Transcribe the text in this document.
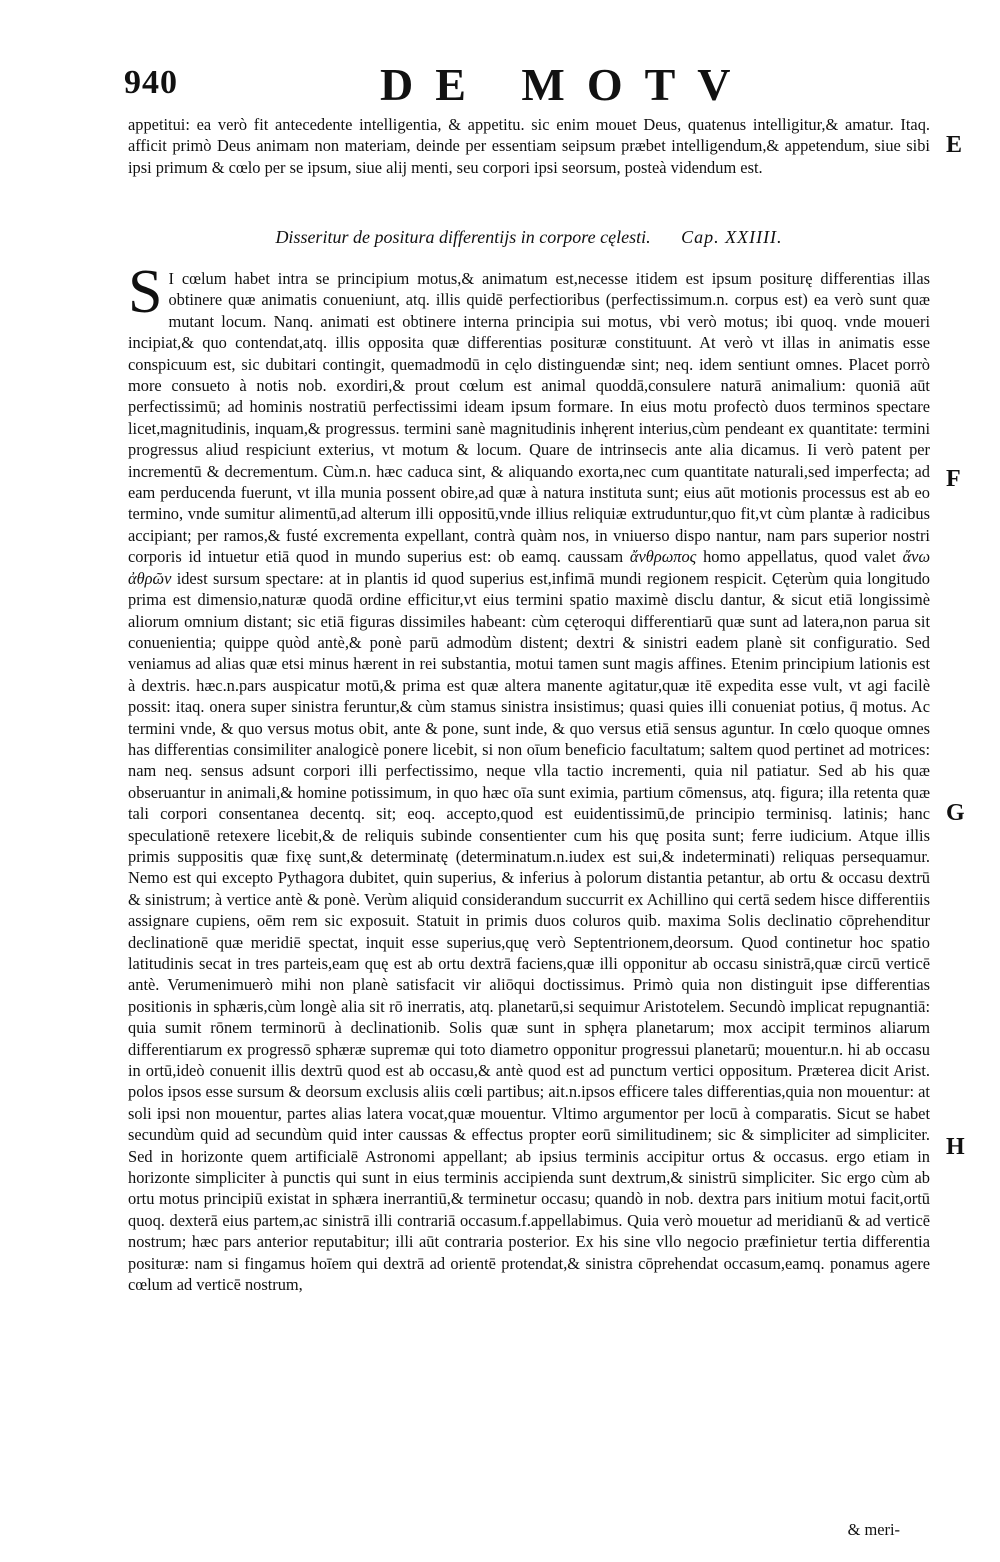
940	DE MOTV
appetitui: ea verò fit antecedente intelligentia, & appetitu. sic enim mouet Deus, quatenus intelligitur,& amatur. Itaq. afficit primò Deus animam non materiam, deinde per essentiam seipsum præbet intelligendum,& appetendum, siue sibi ipsi primum & cœlo per se ipsum, siue alij menti, seu corpori ipsi seorsum, posteà videndum est.
Disseritur de positura differentijs in corpore cęlesti. Cap. XXIIII.
S I cœlum habet intra se principium motus,& animatum est,necesse itidem est ipsum positurę differentias illas obtinere quæ animatis conueniunt, atq. illis quidē perfectioribus (perfectissimum.n. corpus est) ea verò sunt quæ mutant locum. Nanq. animati est obtinere interna principia sui motus, vbi verò motus; ibi quoq. vnde moueri incipiat,& quo contendat,atq. illis opposita quæ differentias posituræ constituunt. At verò vt illas in animatis esse conspicuum est, sic dubitari contingit, quemadmodū in cęlo distinguendæ sint; neq. idem sentiunt omnes. Placet porrò more consueto à notis nob. exordiri,& prout cœlum est animal quoddā,consulere naturā animalium: quoniā aūt perfectissimū; ad hominis nostratiū perfectissimi ideam ipsum formare. In eius motu profectò duos terminos spectare licet,magnitudinis, inquam,& progressus. termini sanè magnitudinis inhęrent interius,cùm pendeant ex quantitate: termini progressus aliud respiciunt exterius, vt motum & locum. Quare de intrinsecis ante alia dicamus. Ii verò patent per incrementū & decrementum. Cùm.n. hæc caduca sint, & aliquando exorta,nec cum quantitate naturali,sed imperfecta; ad eam perducenda fuerunt, vt illa munia possent obire,ad quæ à natura instituta sunt; eius aūt motionis processus est ab eo termino, vnde sumitur alimentū,ad alterum illi oppositū,vnde illius reliquiæ extruduntur,quo fit,vt cùm plantæ à radicibus accipiant; per ramos,& fusté excrementa expellant, contrà quàm nos, in vniuerso dispo nantur, nam pars superior nostri corporis id intuetur etiā quod in mundo superius est: ob eamq. caussam ἄνθρωπος homo appellatus, quod valet ἄνω ἀθρῶν idest sursum spectare: at in plantis id quod superius est,infimā mundi regionem respicit. Cęterùm quia longitudo prima est dimensio,naturæ quodā ordine efficitur,vt eius termini spatio maximè disclu dantur, & sicut etiā longissimè aliorum omnium distant; sic etiā figuras dissimiles habeant: cùm cęteroqui differentiarū quæ sunt ad latera,non parua sit conuenientia; quippe quòd antè,& ponè parū admodùm distent; dextri & sinistri eadem planè sit configuratio. Sed veniamus ad alias quæ etsi minus hærent in rei substantia, motui tamen sunt magis affines. Etenim principium lationis est à dextris. hæc.n.pars auspicatur motū,& prima est quæ altera manente agitatur,quæ itē expedita esse vult, vt agi facilè possit: itaq. onera super sinistra feruntur,& cùm stamus sinistra insistimus; quasi quies illi conueniat potius, q̄ motus. Ac termini vnde, & quo versus motus obit, ante & pone, sunt inde, & quo versus etiā sensus aguntur. In cœlo quoque omnes has differentias consimiliter analogicè ponere licebit, si non oīum beneficio facultatum; saltem quod pertinet ad motrices: nam neq. sensus adsunt corpori illi perfectissimo, neque vlla tactio incrementi, quia nil patiatur. Sed ab his quæ obseruantur in animali,& homine potissimum, in quo hæc oīa sunt eximia, partium cōmensus, atq. figura; illa retenta quæ tali corpori consentanea decentq. sit; eoq. accepto,quod est euidentissimū,de principio terminisq. latinis; hanc speculationē retexere licebit,& de reliquis subinde consentienter cum his quę posita sunt; ferre iudicium. Atque illis primis suppositis quæ fixę sunt,& determinatę (determinatum.n.iudex est sui,& indeterminati) reliquas persequamur. Nemo est qui excepto Pythagora dubitet, quin superius, & inferius à polorum distantia petantur, ab ortu & occasu dextrū & sinistrum; à vertice antè & ponè. Verùm aliquid considerandum succurrit ex Achillino qui certā sedem hisce differentiis assignare cupiens, oēm rem sic exposuit. Statuit in primis duos coluros quib. maxima Solis declinatio cōprehenditur declinationē quæ meridiē spectat, inquit esse superius,quę verò Septentrionem,deorsum. Quod continetur hoc spatio latitudinis secat in tres parteis,eam quę est ab ortu dextrā faciens,quæ illi opponitur ab occasu sinistrā,quæ circū verticē antè. Verumenimuerò mihi non planè satisfacit vir aliōqui doctissimus. Primò quia non distinguit ipse differentias positionis in sphæris,cùm longè alia sit rō inerratis, atq. planetarū,si sequimur Aristotelem. Secundò implicat repugnantiā: quia sumit rōnem terminorū à declinationib. Solis quæ sunt in sphęra planetarum; mox accipit terminos aliarum differentiarum ex progressō sphæræ supremæ qui toto diametro opponitur progressui planetarū; mouentur.n. hi ab occasu in ortū,ideò conuenit illis dextrū quod est ab occasu,& antè quod est ad punctum vertici oppositum. Præterea dicit Arist. polos ipsos esse sursum & deorsum exclusis aliis cœli partibus; ait.n.ipsos efficere tales differentias,quia non mouentur: at soli ipsi non mouentur, partes alias latera vocat,quæ mouentur. Vltimo argumentor per locū à comparatis. Sicut se habet secundùm quid ad secundùm quid inter caussas & effectus propter eorū similitudinem; sic & simpliciter ad simpliciter. Sed in horizonte quem artificialē Astronomi appellant; ab ipsius terminis accipitur ortus & occasus. ergo etiam in horizonte simpliciter à punctis qui sunt in eius terminis accipienda sunt dextrum,& sinistrū simpliciter. Sic ergo cùm ab ortu motus principiū existat in sphæra inerrantiū,& terminetur occasu; quandò in nob. dextra pars initium motui facit,ortū quoq. dexterā eius partem,ac sinistrā illi contrariā occasum.f.appellabimus. Quia verò mouetur ad meridianū & ad verticē nostrum; hæc pars anterior reputabitur; illi aūt contraria posterior. Ex his sine vllo negocio præfinietur tertia differentia posituræ: nam si fingamus hoīem qui dextrā ad orientē protendat,& sinistra cōprehendat occasum,eamq. ponamus agere cœlum ad verticē nostrum,
& meri-
E
F
G
H
